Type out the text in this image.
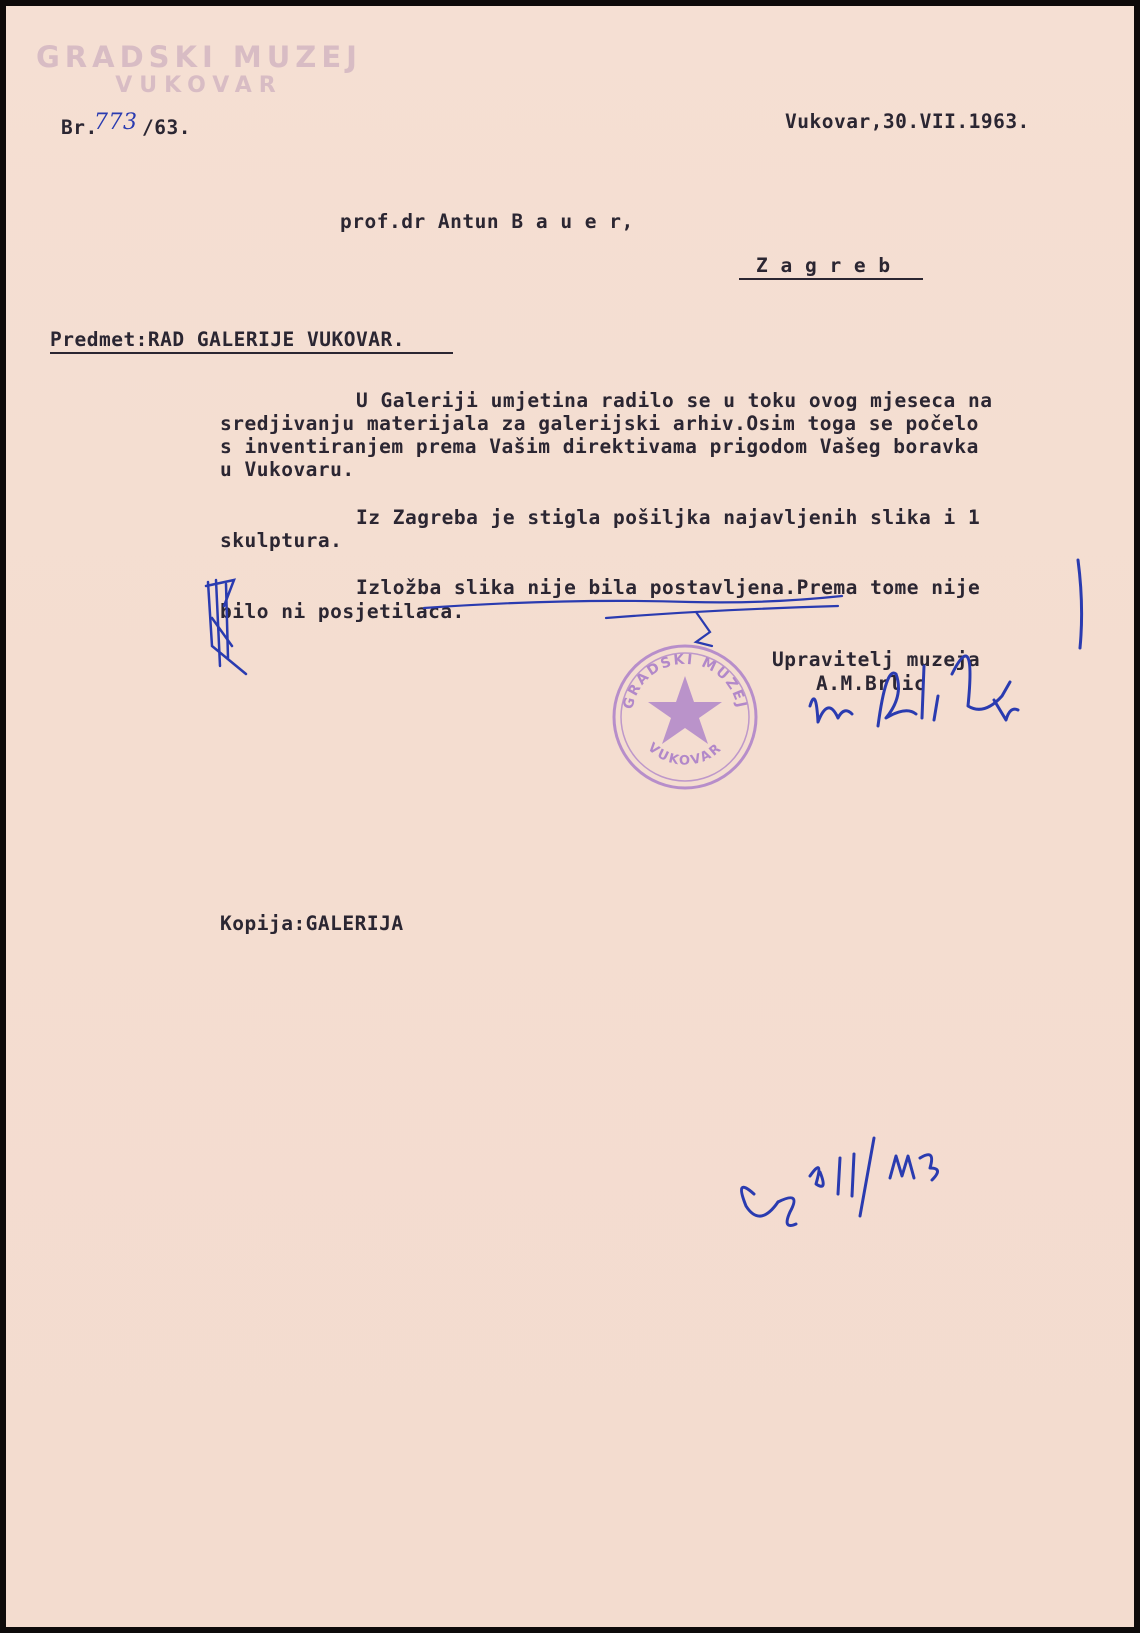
GRADSKI MUZEJ
VUKOVAR
Br.
773 /63.	Vukovar,30.VII.1963.
prof.dr Antun B a u e r,
Z a g r e b
Predmet:RAD GALERIJE VUKOVAR.
U Galeriji umjetina radilo se u toku ovog mjeseca na
sredjivanju materijala za galerijski arhiv.Osim toga se počelo
s inventiranjem prema Vašim direktivama prigodom Vašeg boravka
u Vukovaru.
Iz Zagreba je stigla pošiljka najavljenih slika i 1
skulptura.
Izložba slika nije bila postavljena.Prema tome nije
bilo ni posjetilaca.
Upravitelj muzeja
A.M.Brlic
Kopija:GALERIJA
GRADSKI MUZEJ
VUKOVAR
